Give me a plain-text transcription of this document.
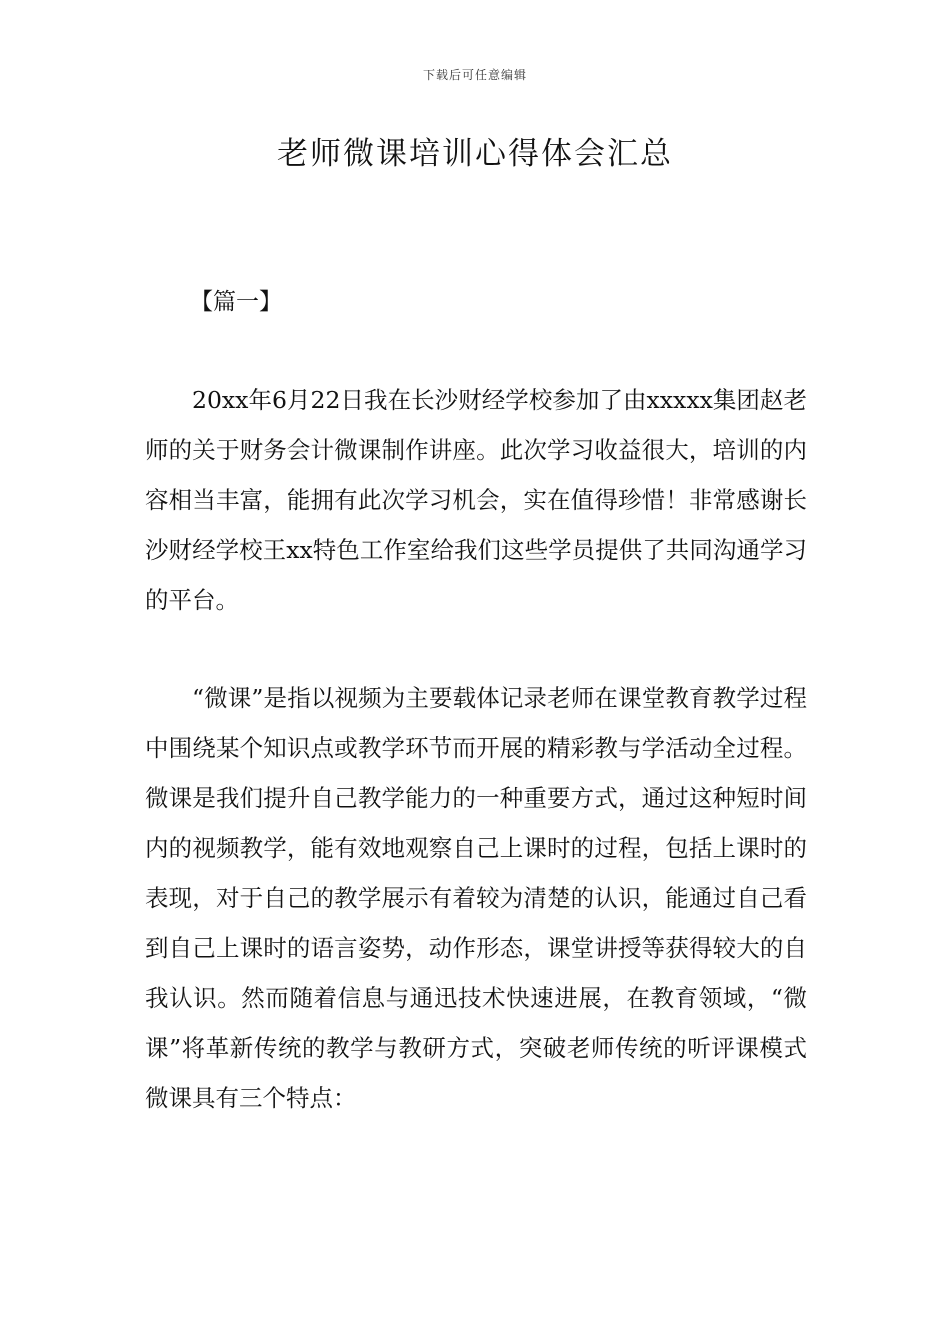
下载后可任意编辑
老师微课培训心得体会汇总
【篇一】

20xx年6月22日我在长沙财经学校参加了由xxxxx集团赵老师的关于财务会计微课制作讲座。此次学习收益很大，培训的内容相当丰富，能拥有此次学习机会，实在值得珍惜！非常感谢长沙财经学校王xx特色工作室给我们这些学员提供了共同沟通学习的平台。

“微课”是指以视频为主要载体记录老师在课堂教育教学过程中围绕某个知识点或教学环节而开展的精彩教与学活动全过程。微课是我们提升自己教学能力的一种重要方式，通过这种短时间内的视频教学，能有效地观察自己上课时的过程，包括上课时的表现，对于自己的教学展示有着较为清楚的认识，能通过自己看到自己上课时的语言姿势，动作形态，课堂讲授等获得较大的自我认识。然而随着信息与通迅技术快速进展，在教育领域，“微课”将革新传统的教学与教研方式，突破老师传统的听评课模式微课具有三个特点：
